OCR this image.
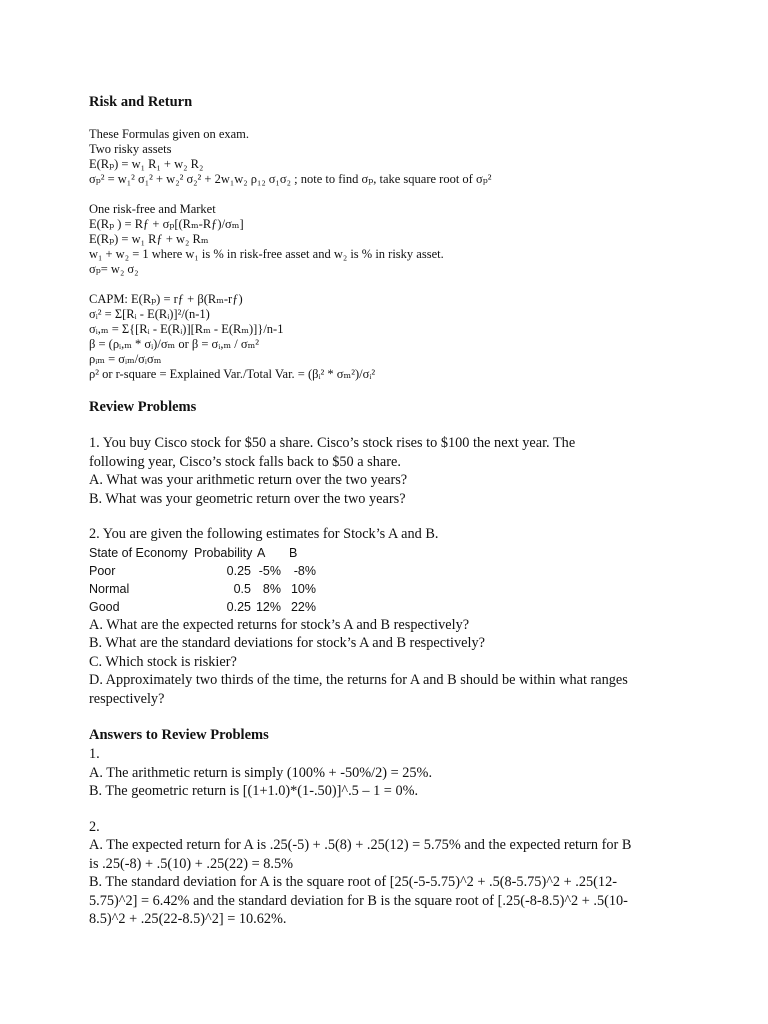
Risk and Return

These Formulas given on exam.

Two risky assets

E(Rₚ) = w₁ R₁ + w₂ R₂

σₚ² = w₁² σ₁² + w₂² σ₂² + 2w₁w₂ ρ₁₂ σ₁σ₂ ; note to find σₚ, take square root of σₚ²

One risk-free and Market

E(Rₚ ) = Rƒ + σₚ[(Rₘ-Rƒ)/σₘ]

E(Rₚ) = w₁ Rƒ + w₂ Rₘ

w₁ + w₂ = 1 where w₁ is % in risk-free asset and w₂ is % in risky asset.

σₚ= w₂ σ₂

CAPM: E(Rₚ) = rƒ + β(Rₘ-rƒ)

σᵢ² = Σ[Rᵢ - E(Rᵢ)]²/(n-1)

σᵢ,ₘ = Σ{[Rᵢ - E(Rᵢ)][Rₘ - E(Rₘ)]}/n-1

β = (ρᵢ,ₘ * σᵢ)/σₘ or β = σᵢ,ₘ / σₘ²

ρᵢₘ = σᵢₘ/σᵢσₘ

ρ² or r-square = Explained Var./Total Var. = (βᵢ² * σₘ²)/σᵢ²

Review Problems

1. You buy Cisco stock for $50 a share. Cisco’s stock rises to $100 the next year. The

following year, Cisco’s stock falls back to $50 a share.

A. What was your arithmetic return over the two years?

B. What was your geometric return over the two years?

2. You are given the following estimates for Stock’s A and B.

State of Economy Probability A	B
Poor	0.25 -5%	-8%
Normal	0.5 8% 10%
Good	0.25 12% 22%

A. What are the expected returns for stock’s A and B respectively?

B. What are the standard deviations for stock’s A and B respectively?

C. Which stock is riskier?

D. Approximately two thirds of the time, the returns for A and B should be within what ranges

respectively?

Answers to Review Problems

1.

A. The arithmetic return is simply (100% + -50%/2) = 25%.

B. The geometric return is [(1+1.0)*(1-.50)]^.5 – 1 = 0%.

2.

A. The expected return for A is .25(-5) + .5(8) + .25(12) = 5.75% and the expected return for B

is .25(-8) + .5(10) + .25(22) = 8.5%

B. The standard deviation for A is the square root of [25(-5-5.75)^2 + .5(8-5.75)^2 + .25(12-

5.75)^2] = 6.42% and the standard deviation for B is the square root of [.25(-8-8.5)^2 + .5(10-

8.5)^2 + .25(22-8.5)^2] = 10.62%.
